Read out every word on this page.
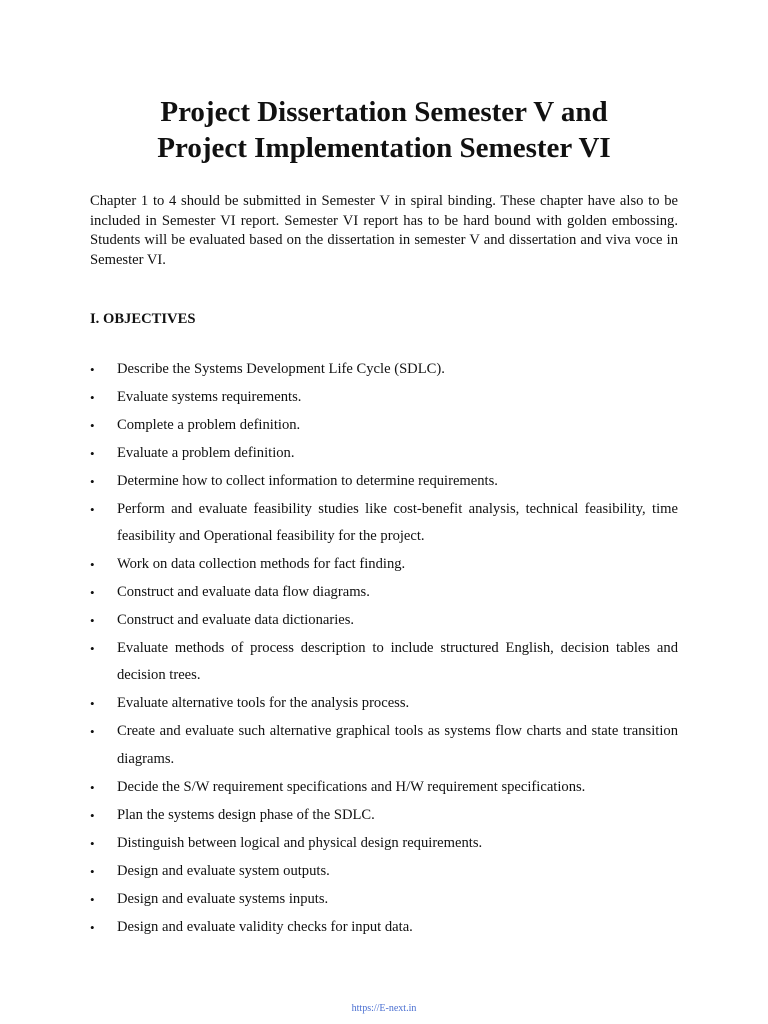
Project Dissertation Semester V and
Project Implementation Semester VI

Chapter 1 to 4 should be submitted in Semester V in spiral binding. These chapter have also to be included in Semester VI report. Semester VI report has to be hard bound with golden embossing. Students will be evaluated based on the dissertation in semester V and dissertation and viva voce in Semester VI.

I. OBJECTIVES
• Describe the Systems Development Life Cycle (SDLC).
• Evaluate systems requirements.
• Complete a problem definition.
• Evaluate a problem definition.
• Determine how to collect information to determine requirements.
• Perform and evaluate feasibility studies like cost-benefit analysis, technical feasibility, time feasibility and Operational feasibility for the project.
• Work on data collection methods for fact finding.
• Construct and evaluate data flow diagrams.
• Construct and evaluate data dictionaries.
• Evaluate methods of process description to include structured English, decision tables and decision trees.
• Evaluate alternative tools for the analysis process.
• Create and evaluate such alternative graphical tools as systems flow charts and state transition diagrams.
• Decide the S/W requirement specifications and H/W requirement specifications.
• Plan the systems design phase of the SDLC.
• Distinguish between logical and physical design requirements.
• Design and evaluate system outputs.
• Design and evaluate systems inputs.
• Design and evaluate validity checks for input data.
https://E-next.in
